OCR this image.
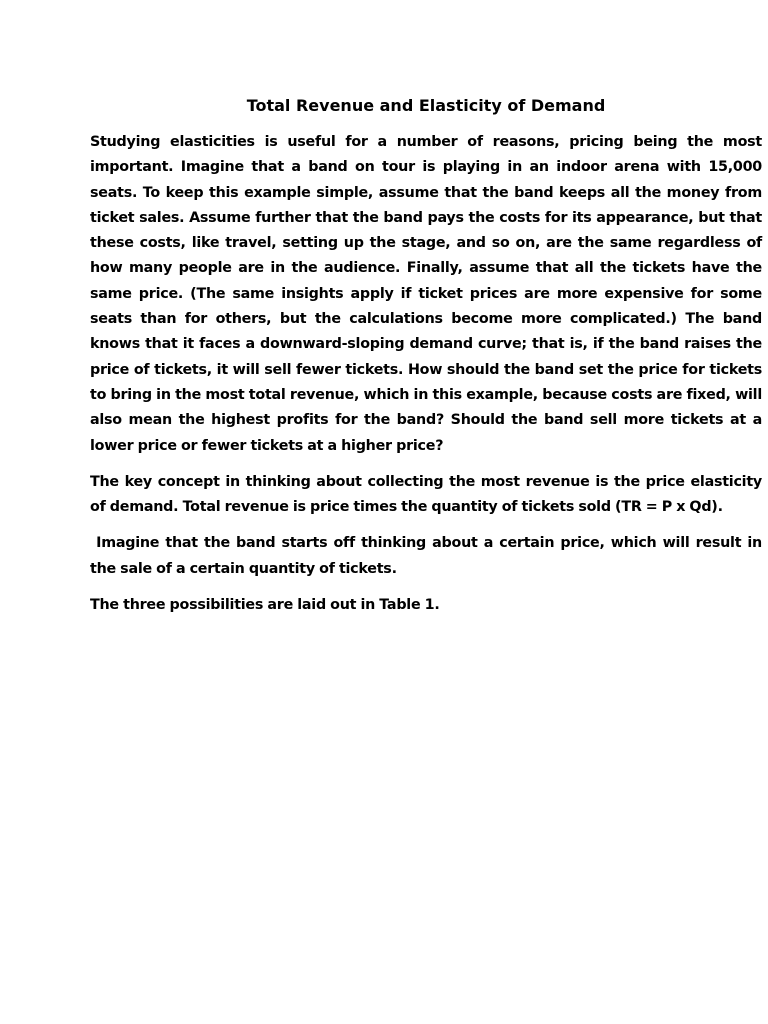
Total Revenue and Elasticity of Demand

Studying elasticities is useful for a number of reasons, pricing being the most important. Imagine that a band on tour is playing in an indoor arena with 15,000 seats. To keep this example simple, assume that the band keeps all the money from ticket sales. Assume further that the band pays the costs for its appearance, but that these costs, like travel, setting up the stage, and so on, are the same regardless of how many people are in the audience. Finally, assume that all the tickets have the same price. (The same insights apply if ticket prices are more expensive for some seats than for others, but the calculations become more complicated.) The band knows that it faces a downward-sloping demand curve; that is, if the band raises the price of tickets, it will sell fewer tickets. How should the band set the price for tickets to bring in the most total revenue, which in this example, because costs are fixed, will also mean the highest profits for the band? Should the band sell more tickets at a lower price or fewer tickets at a higher price?

The key concept in thinking about collecting the most revenue is the price elasticity of demand. Total revenue is price times the quantity of tickets sold (TR = P x Qd).

Imagine that the band starts off thinking about a certain price, which will result in the sale of a certain quantity of tickets.

The three possibilities are laid out in Table 1.
